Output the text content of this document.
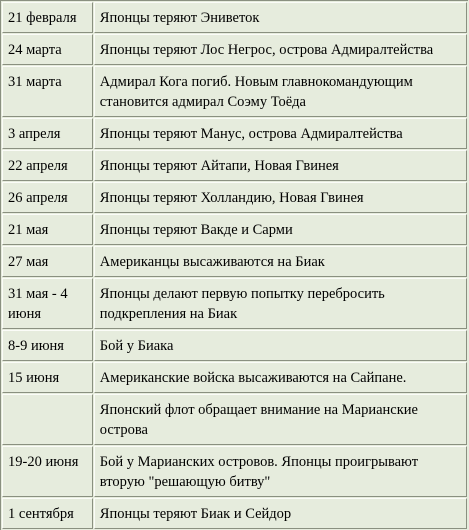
21 февраля	Японцы теряют Эниветок
24 марта	Японцы теряют Лос Негрос, острова Адмиралтейства
31 марта	Адмирал Кога погиб. Новым главнокомандующим становится адмирал Соэму Тоёда
3 апреля	Японцы теряют Манус, острова Адмиралтейства
22 апреля	Японцы теряют Айтапи, Новая Гвинея
26 апреля	Японцы теряют Холландию, Новая Гвинея
21 мая	Японцы теряют Вакде и Сарми
27 мая	Американцы высаживаются на Биак
31 мая - 4 июня	Японцы делают первую попытку перебросить подкрепления на Биак
8-9 июня	Бой у Биака
15 июня	Американские войска высаживаются на Сайпане.
	Японский флот обращает внимание на Марианские острова
19-20 июня	Бой у Марианских островов. Японцы проигрывают вторую "решающую битву"
1 сентября	Японцы теряют Биак и Сейдор
